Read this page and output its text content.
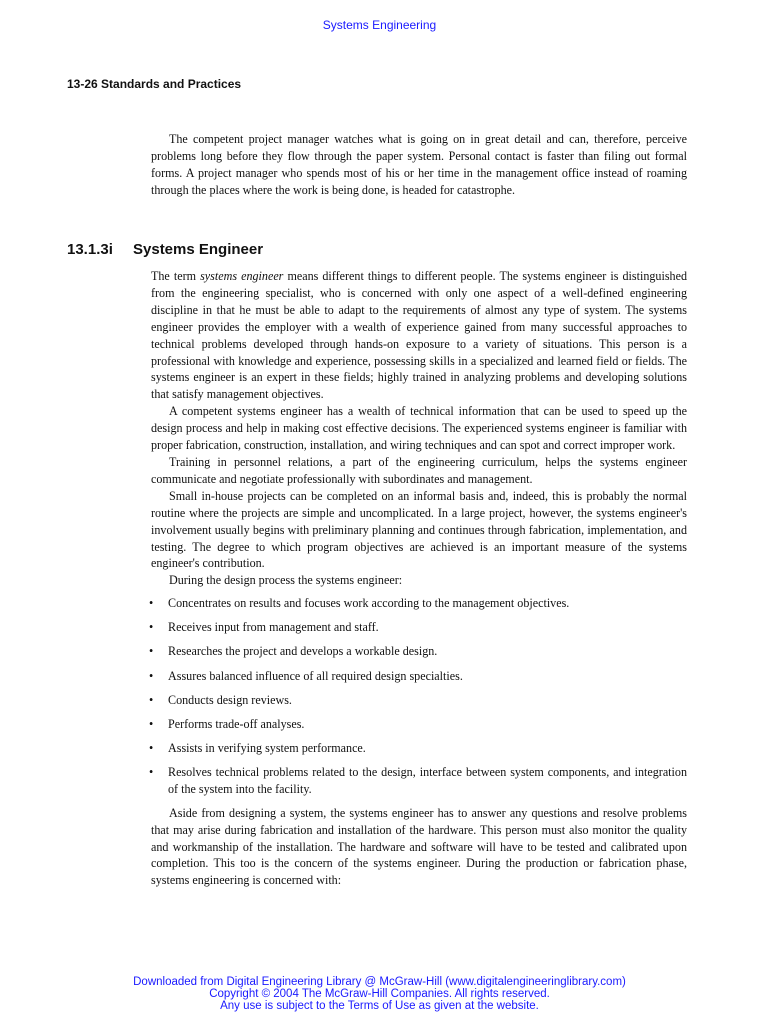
Systems Engineering
13-26 Standards and Practices

The competent project manager watches what is going on in great detail and can, therefore, perceive problems long before they flow through the paper system. Personal contact is faster than filing out formal forms. A project manager who spends most of his or her time in the management office instead of roaming through the places where the work is being done, is headed for catastrophe.

13.1.3i Systems Engineer

The term systems engineer means different things to different people. The systems engineer is distinguished from the engineering specialist, who is concerned with only one aspect of a well-defined engineering discipline in that he must be able to adapt to the requirements of almost any type of system. The systems engineer provides the employer with a wealth of experience gained from many successful approaches to technical problems developed through hands-on exposure to a variety of situations. This person is a professional with knowledge and experience, possessing skills in a specialized and learned field or fields. The systems engineer is an expert in these fields; highly trained in analyzing problems and developing solutions that satisfy management objectives.

A competent systems engineer has a wealth of technical information that can be used to speed up the design process and help in making cost effective decisions. The experienced systems engineer is familiar with proper fabrication, construction, installation, and wiring techniques and can spot and correct improper work.

Training in personnel relations, a part of the engineering curriculum, helps the systems engineer communicate and negotiate professionally with subordinates and management.

Small in-house projects can be completed on an informal basis and, indeed, this is probably the normal routine where the projects are simple and uncomplicated. In a large project, however, the systems engineer's involvement usually begins with preliminary planning and continues through fabrication, implementation, and testing. The degree to which program objectives are achieved is an important measure of the systems engineer's contribution.

During the design process the systems engineer:

• Concentrates on results and focuses work according to the management objectives.
• Receives input from management and staff.
• Researches the project and develops a workable design.
• Assures balanced influence of all required design specialties.
• Conducts design reviews.
• Performs trade-off analyses.
• Assists in verifying system performance.
• Resolves technical problems related to the design, interface between system components, and integration of the system into the facility.

Aside from designing a system, the systems engineer has to answer any questions and resolve problems that may arise during fabrication and installation of the hardware. This person must also monitor the quality and workmanship of the installation. The hardware and software will have to be tested and calibrated upon completion. This too is the concern of the systems engineer. During the production or fabrication phase, systems engineering is concerned with:

Downloaded from Digital Engineering Library @ McGraw-Hill (www.digitalengineeringlibrary.com)
Copyright © 2004 The McGraw-Hill Companies. All rights reserved.
Any use is subject to the Terms of Use as given at the website.
